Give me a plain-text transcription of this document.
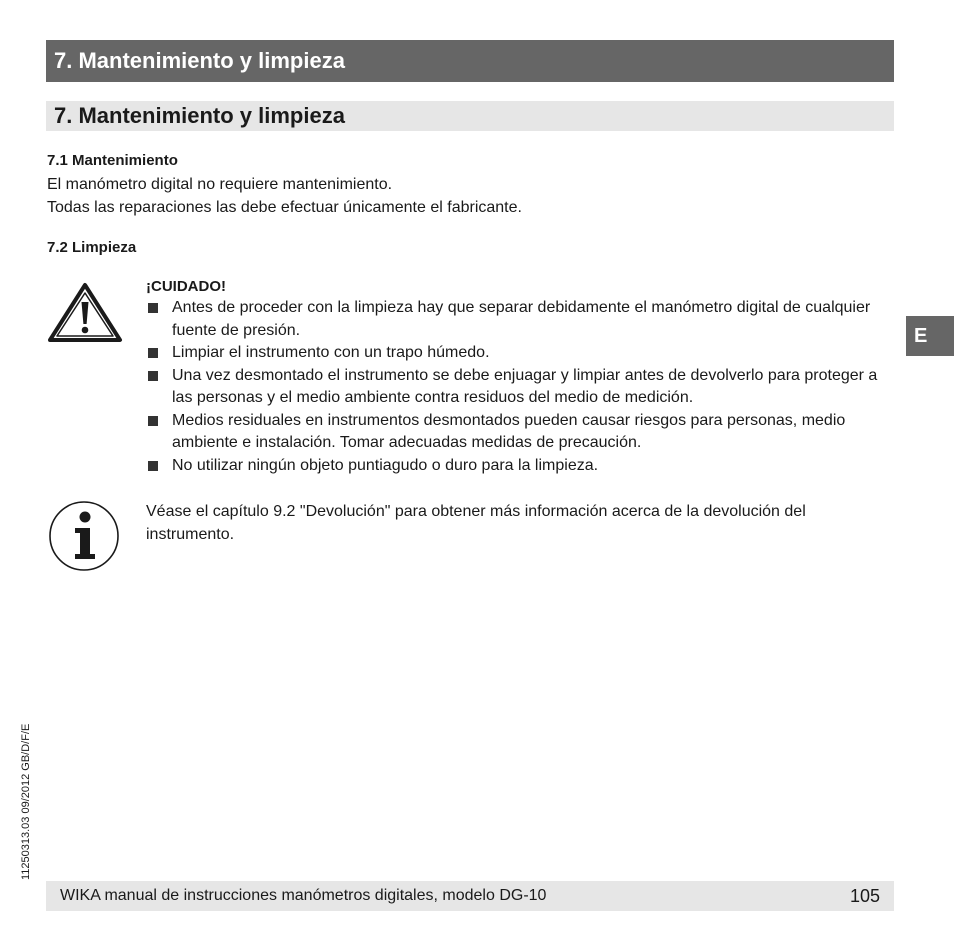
7. Mantenimiento y limpieza
7. Mantenimiento y limpieza
7.1 Mantenimiento
El manómetro digital no requiere mantenimiento.
Todas las reparaciones las debe efectuar únicamente el fabricante.
7.2 Limpieza
¡CUIDADO!
Antes de proceder con la limpieza hay que separar debidamente el manómetro digital de cualquier fuente de presión.
Limpiar el instrumento con un trapo húmedo.
Una vez desmontado el instrumento se debe enjuagar y limpiar antes de devolverlo para proteger a las personas y el medio ambiente contra residuos del medio de medición.
Medios residuales en instrumentos desmontados pueden causar riesgos para personas, medio ambiente e instalación. Tomar adecuadas medidas de precaución.
No utilizar ningún objeto puntiagudo o duro para la limpieza.
Véase el capítulo 9.2 "Devolución" para obtener más información acerca de la devolución del instrumento.
E
11250313.03 09/2012 GB/D/F/E
WIKA manual de instrucciones manómetros digitales, modelo DG-10	105
